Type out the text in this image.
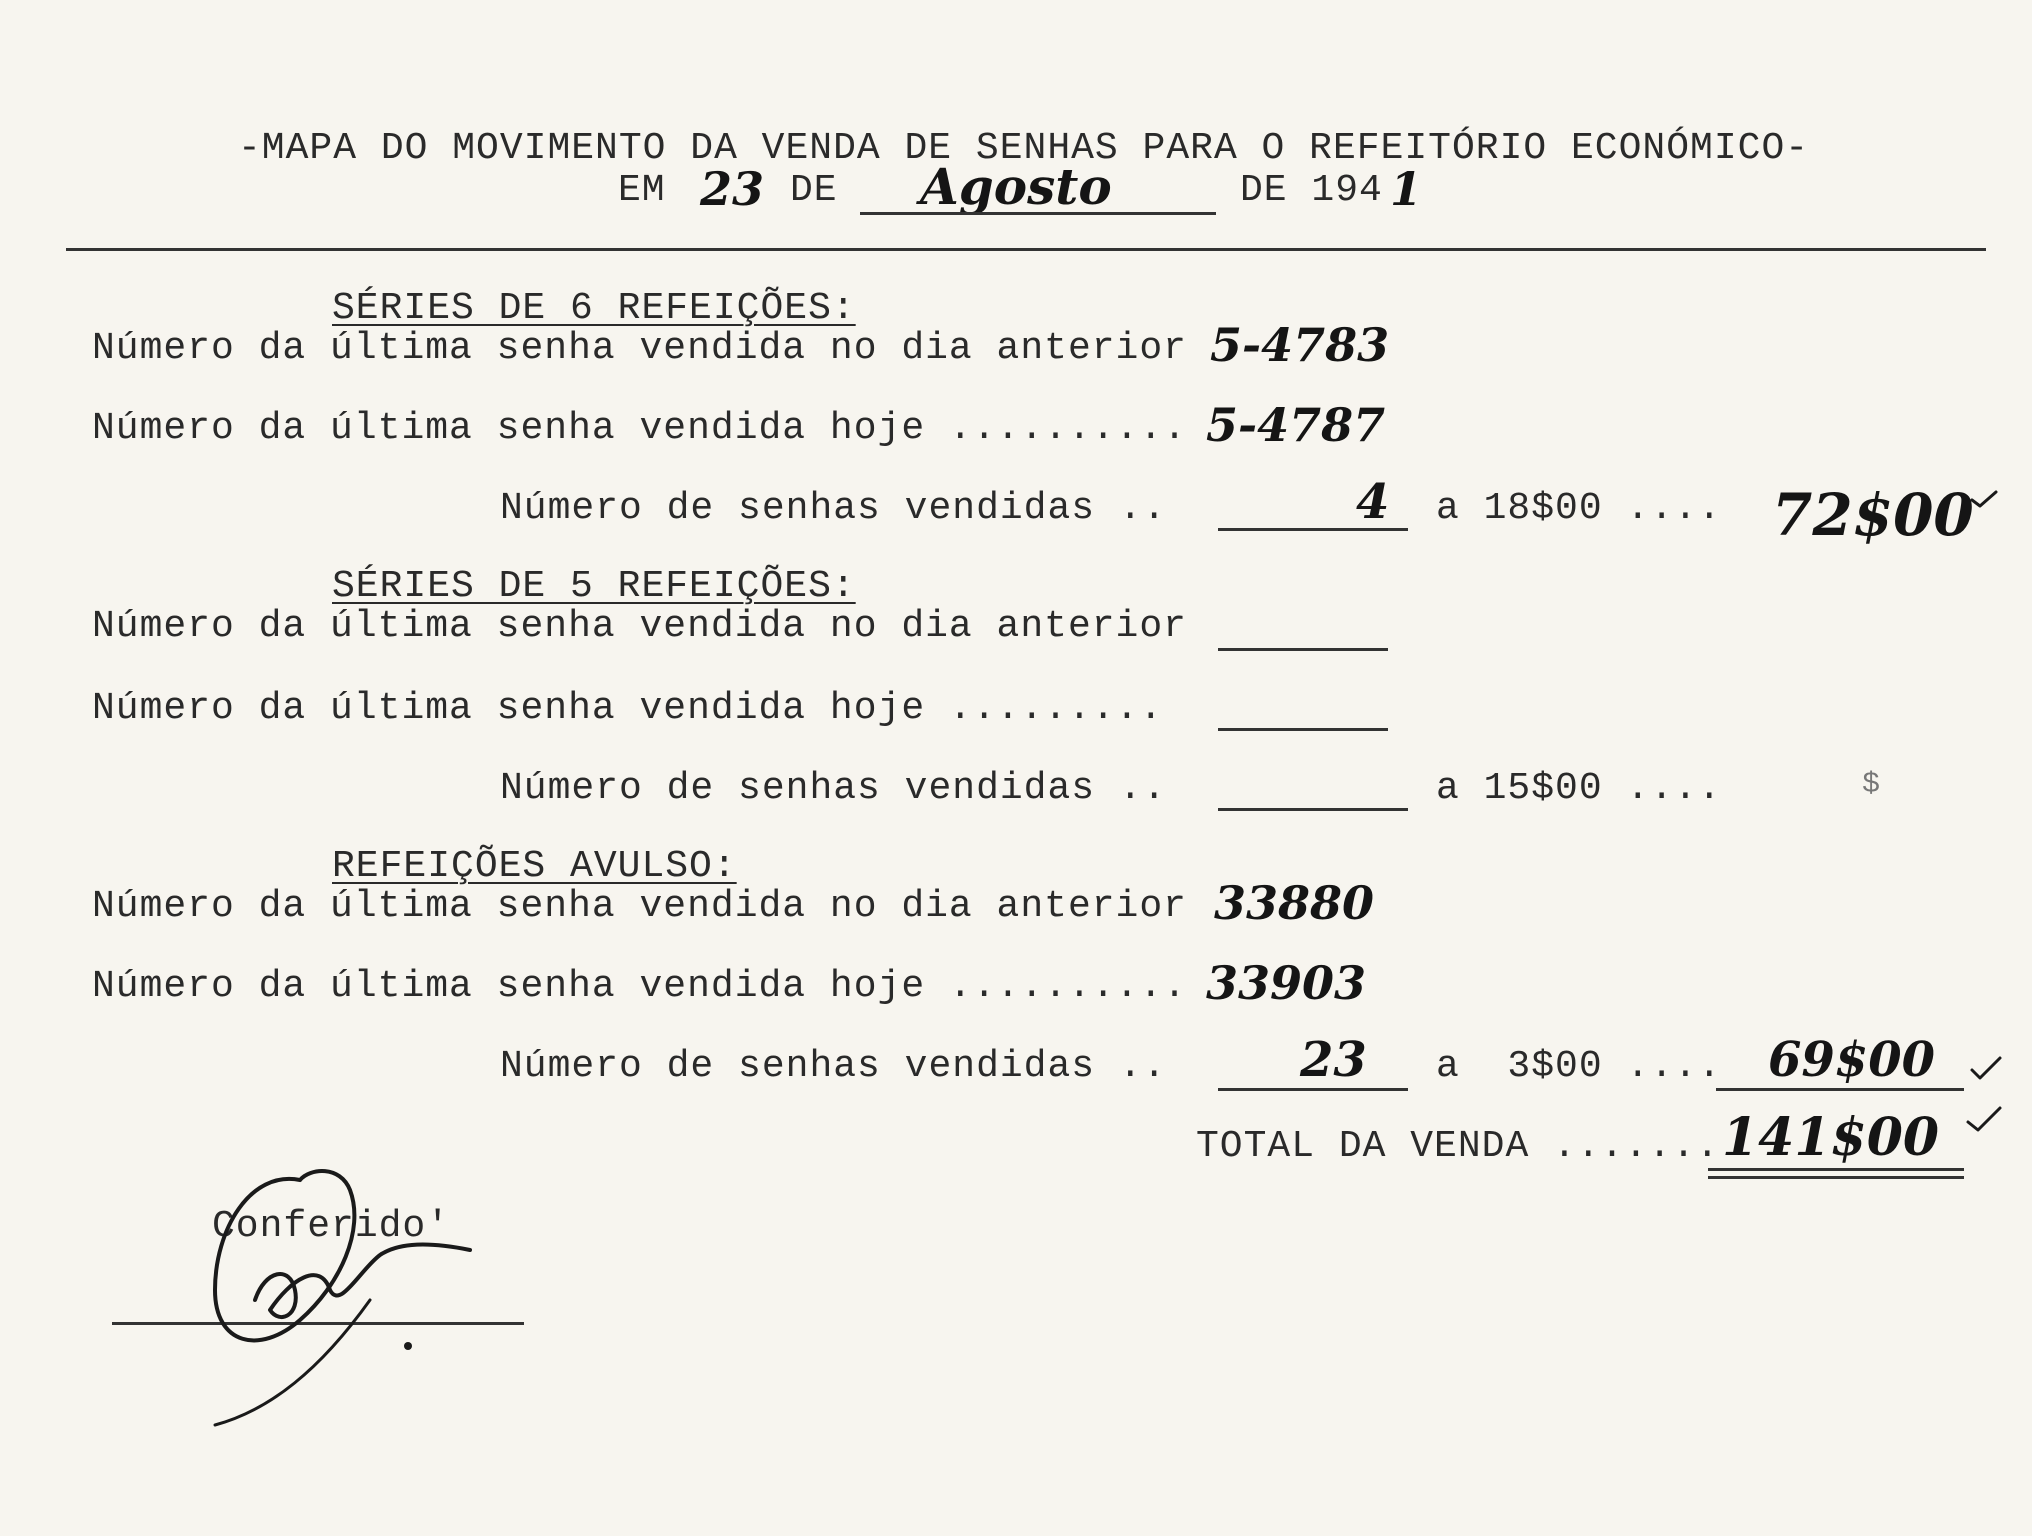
-MAPA DO MOVIMENTO DA VENDA DE SENHAS PARA O REFEITÓRIO ECONÓMICO-
EM 23 DE Agosto	DE 194 1
SÉRIES DE 6 REFEIÇÕES:
Número da última senha vendida no dia anterior 5-4783
Número da última senha vendida hoje .......... 5-4787
Número de senhas vendidas ..	4 a 18$00 .... 72$00
SÉRIES DE 5 REFEIÇÕES:
Número da última senha vendida no dia anterior
Número da última senha vendida hoje .........
Número de senhas vendidas ..	a 15$00 ....	$
REFEIÇÕES AVULSO:
Número da última senha vendida no dia anterior 33880
Número da última senha vendida hoje .......... 33903
Número de senhas vendidas ..	23 a  3$00 .... 69$00
TOTAL DA VENDA ....... 141$00
Conferido'
